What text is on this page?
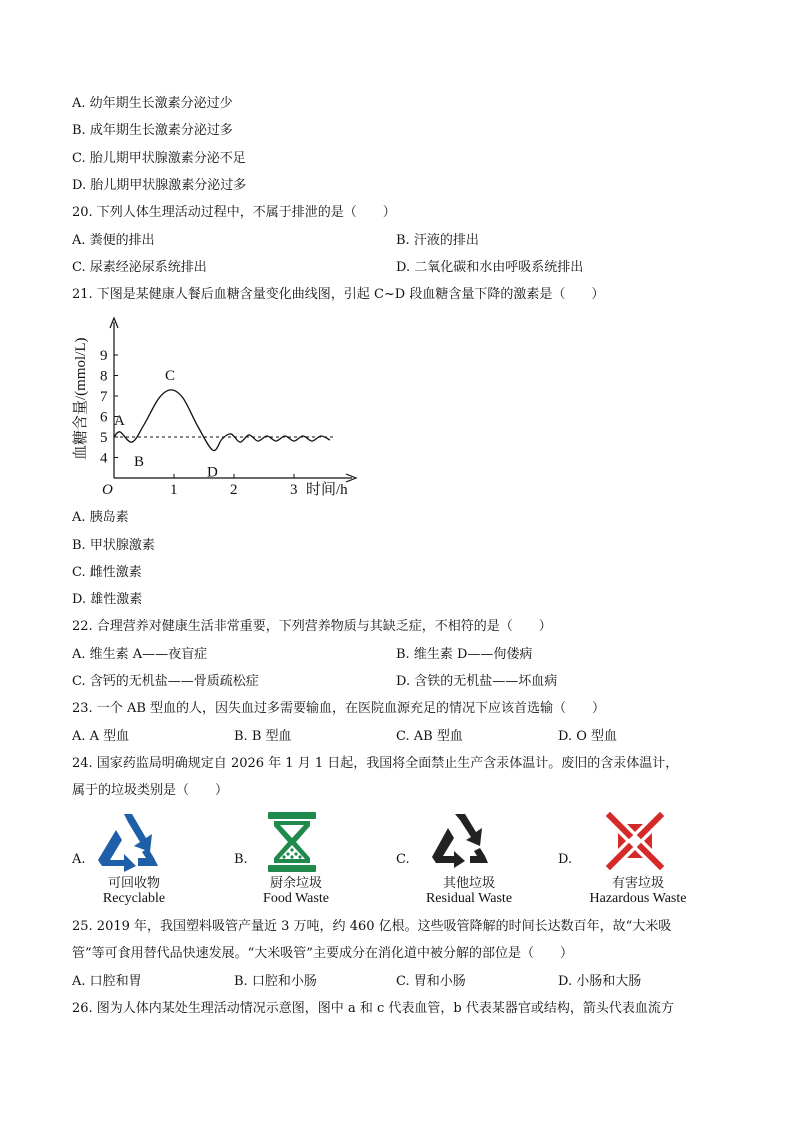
A. 幼年期生长激素分泌过少
B. 成年期生长激素分泌过多
C. 胎儿期甲状腺激素分泌不足
D. 胎儿期甲状腺激素分泌过多
20. 下列人体生理活动过程中，不属于排泄的是（　　）
A. 粪便的排出	B. 汗液的排出
C. 尿素经泌尿系统排出	D. 二氧化碳和水由呼吸系统排出
21. 下图是某健康人餐后血糖含量变化曲线图，引起 C~D 段血糖含量下降的激素是（　　）
O
4
5
6
7
8
9
1	2	3 时间/h
血糖含量/(mmol/L) A
B
C
D
A. 胰岛素
B. 甲状腺激素
C. 雌性激素
D. 雄性激素
22. 合理营养对健康生活非常重要，下列营养物质与其缺乏症，不相符的是（　　）
A. 维生素 A——夜盲症	B. 维生素 D——佝偻病
C. 含钙的无机盐——骨质疏松症	D. 含铁的无机盐——坏血病
23. 一个 AB 型血的人，因失血过多需要输血，在医院血源充足的情况下应该首选输（　　）
A. A 型血	B. B 型血	C. AB 型血	D. O 型血
24. 国家药监局明确规定自 2026 年 1 月 1 日起，我国将全面禁止生产含汞体温计。废旧的含汞体温计，
属于的垃圾类别是（　　）
A.
可回收物
Recyclable
B.
厨余垃圾
Food Waste
C.
其他垃圾
Residual Waste
D.
有害垃圾
Hazardous Waste
25. 2019 年，我国塑料吸管产量近 3 万吨，约 460 亿根。这些吸管降解的时间长达数百年，故“大米吸
管”等可食用替代品快速发展。“大米吸管”主要成分在消化道中被分解的部位是（　　）
A. 口腔和胃	B. 口腔和小肠	C. 胃和小肠	D. 小肠和大肠
26. 图为人体内某处生理活动情况示意图，图中 a 和 c 代表血管，b 代表某器官或结构，箭头代表血流方
